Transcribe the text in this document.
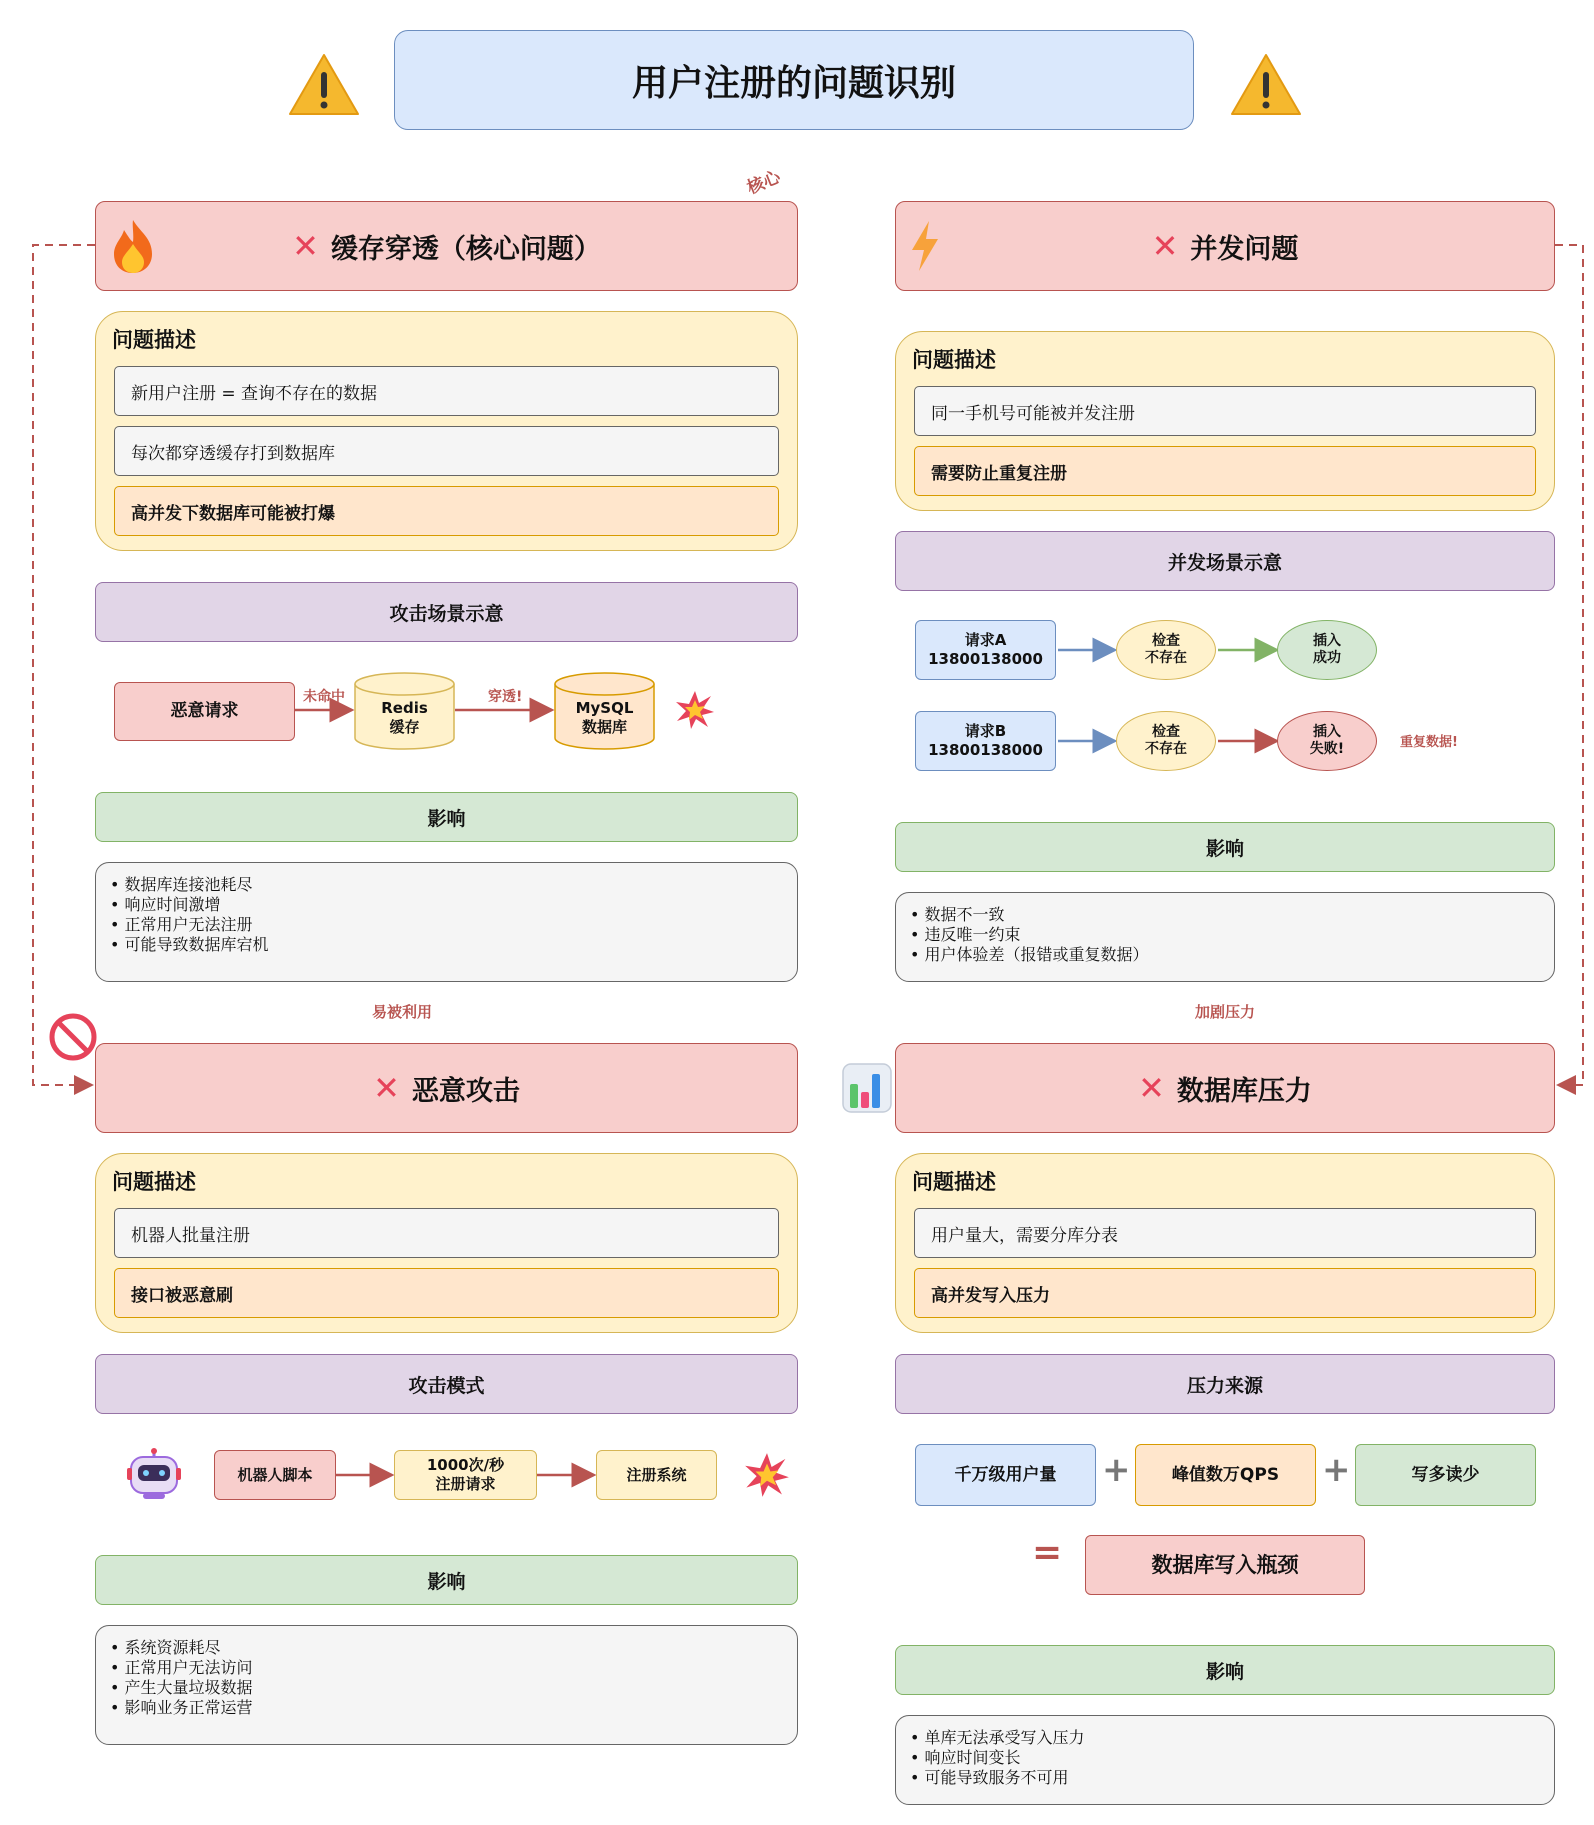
用户注册的问题识别
核心
✕ 缓存穿透（核心问题）
问题描述
新用户注册 = 查询不存在的数据
每次都穿透缓存打到数据库
高并发下数据库可能被打爆
攻击场景示意
恶意请求
未命中
Redis
缓存
穿透!
MySQL
数据库
影响
• 数据库连接池耗尽
• 响应时间激增
• 正常用户无法注册
• 可能导致数据库宕机
易被利用
✕ 并发问题
问题描述
同一手机号可能被并发注册
需要防止重复注册
并发场景示意
请求A
13800138000
检查
不存在
插入
成功
请求B
13800138000
检查
不存在
插入
失败!	重复数据!
影响
• 数据不一致
• 违反唯一约束
• 用户体验差（报错或重复数据）
加剧压力
✕ 恶意攻击
问题描述
机器人批量注册
接口被恶意刷
攻击模式
机器人脚本
1000次/秒
注册请求
注册系统
影响
• 系统资源耗尽
• 正常用户无法访问
• 产生大量垃圾数据
• 影响业务正常运营
✕ 数据库压力
问题描述
用户量大，需要分库分表
高并发写入压力
压力来源
千万级用户量	+	峰值数万QPS	+	写多读少
=	数据库写入瓶颈
影响
• 单库无法承受写入压力
• 响应时间变长
• 可能导致服务不可用
